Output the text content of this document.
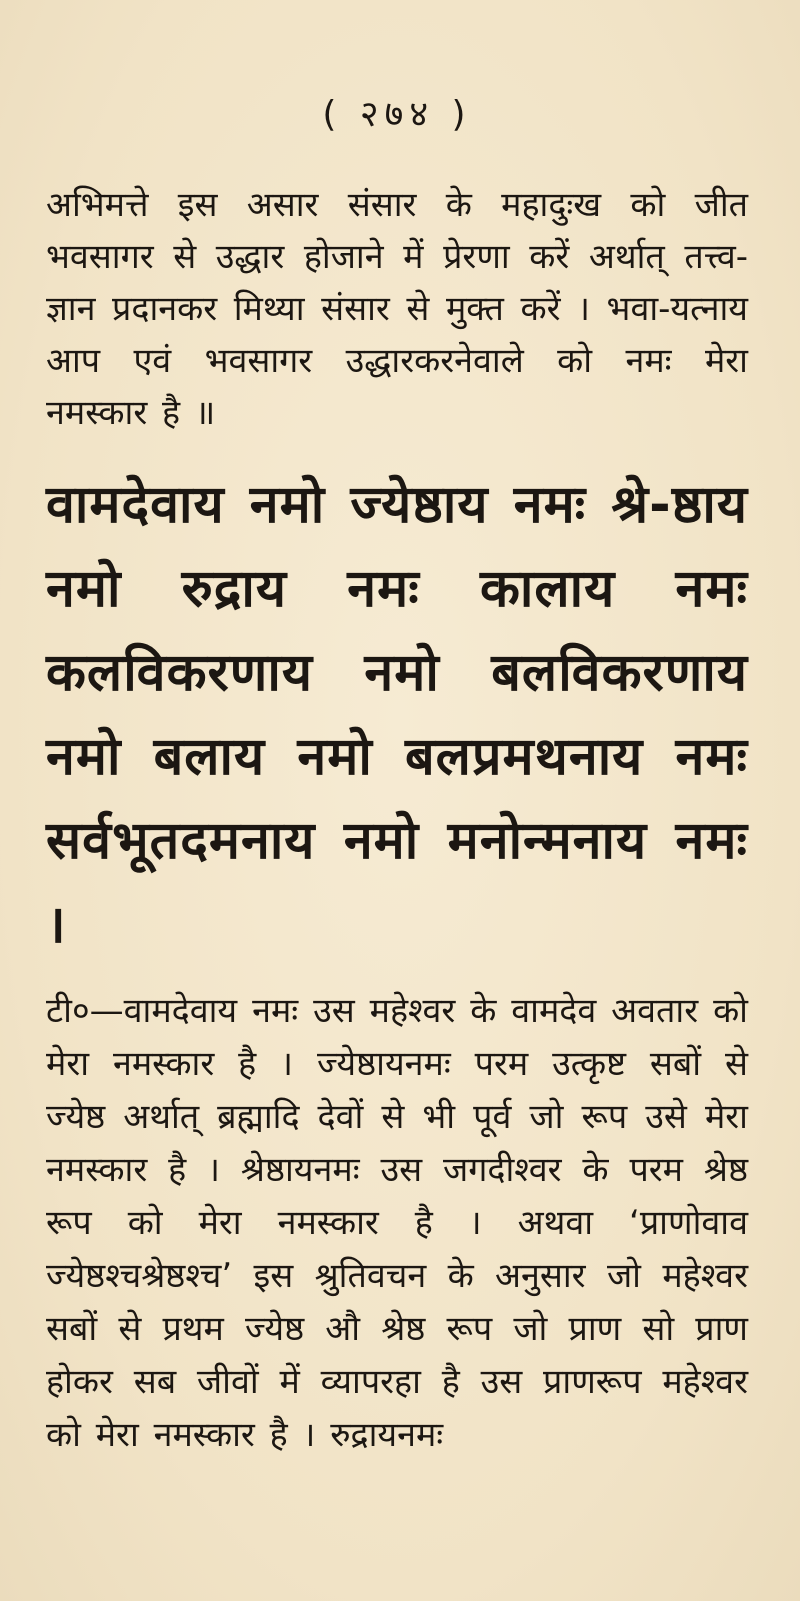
( २७४ )

अभिमत्ते इस असार संसार के महादुःख को जीत भवसागर से उद्धार होजाने में प्रेरणा करें अर्थात् तत्त्व-ज्ञान प्रदानकर मिथ्या संसार से मुक्त करें । भवा-यत्नाय आप एवं भवसागर उद्धारकरनेवाले को नमः मेरा नमस्कार है ॥

वामदेवाय नमो ज्येष्ठाय नमः श्रे-ष्ठाय नमो रुद्राय नमः कालाय नमः कलविकरणाय नमो बलविकरणाय नमो बलाय नमो बलप्रमथनाय नमः सर्वभूतदमनाय नमो मनोन्मनाय नमः ।

टी०—वामदेवाय नमः उस महेश्वर के वामदेव अवतार को मेरा नमस्कार है । ज्येष्ठायनमः परम उत्कृष्ट सबों से ज्येष्ठ अर्थात् ब्रह्मादि देवों से भी पूर्व जो रूप उसे मेरा नमस्कार है । श्रेष्ठायनमः उस जगदीश्वर के परम श्रेष्ठ रूप को मेरा नमस्कार है । अथवा ‘प्राणोवाव ज्येष्ठश्चश्रेष्ठश्च’ इस श्रुतिवचन के अनुसार जो महेश्वर सबों से प्रथम ज्येष्ठ औ श्रेष्ठ रूप जो प्राण सो प्राण होकर सब जीवों में व्यापरहा है उस प्राणरूप महेश्वर को मेरा नमस्कार है । रुद्रायनमः
